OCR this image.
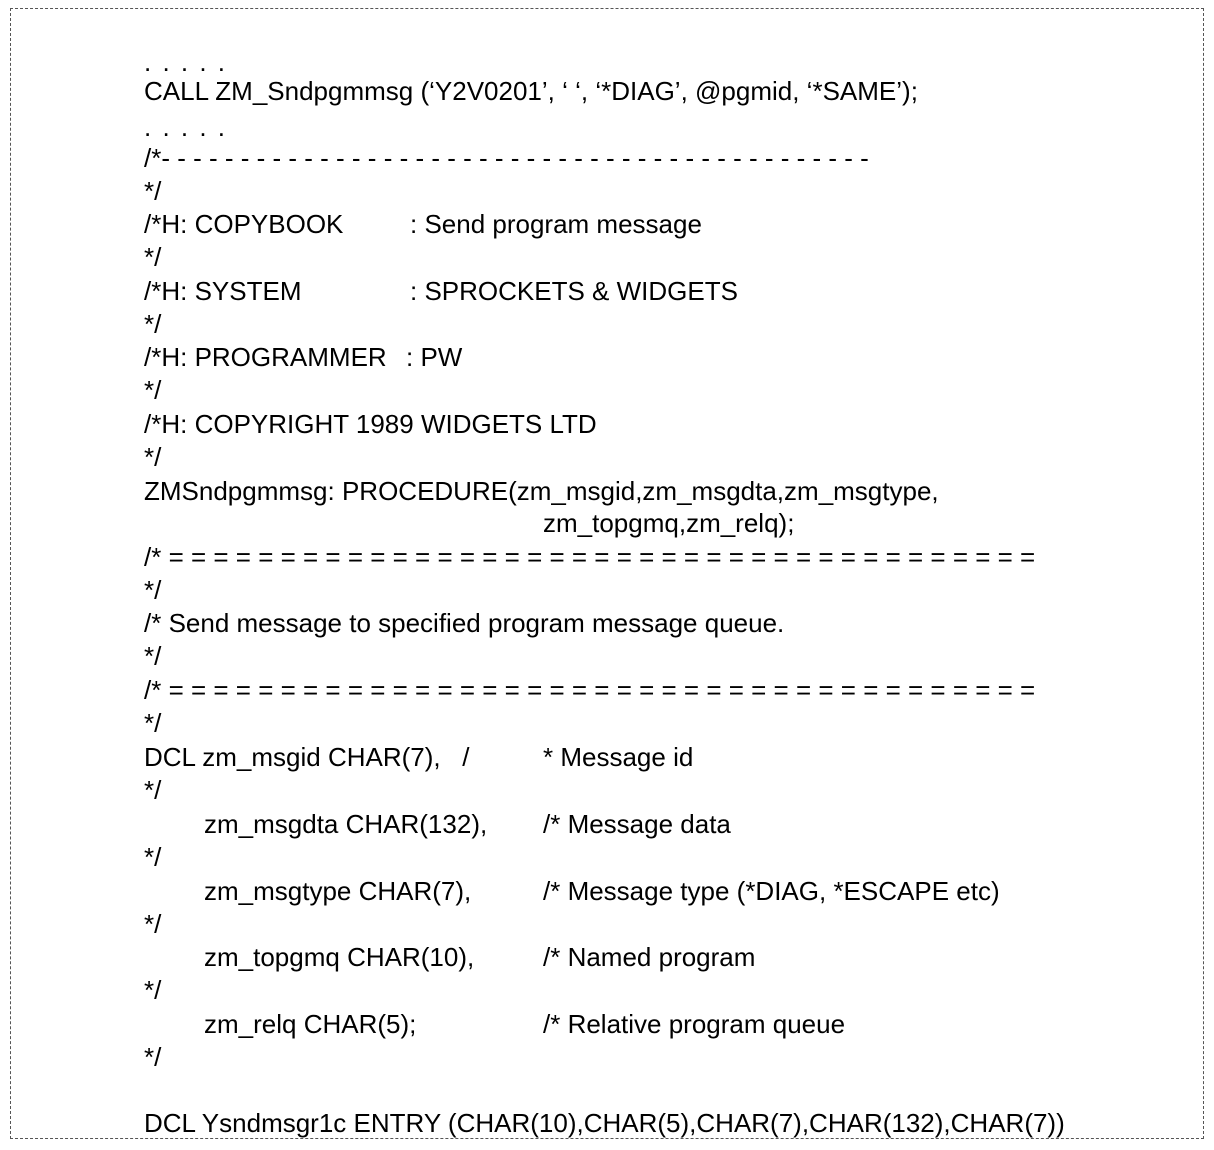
. . . . .
CALL ZM_Sndpgmmsg (‘Y2V0201’, ‘ ‘, ‘*DIAG’, @pgmid, ‘*SAME’);
. . . . .
/*- - - - - - - - - - - - - - - - - - - - - - - - - - - - - - - - - - - - - - - - - - - - -
*/

/*H: COPYBOOK

	: Send program message

*/

/*H: SYSTEM

	: SPROCKETS & WIDGETS

*/

/*H: PROGRAMMER

: PW

*/
/*H: COPYRIGHT 1989 WIDGETS LTD
*/
ZMSndpgmmsg: PROCEDURE(zm_msgid,zm_msgdta,zm_msgtype,
zm_topgmq,zm_relq);
/* = = = = = = = = = = = = = = = = = = = = = = = = = = = = = = = = = = = = = = =
*/
/* Send message to specified program message queue.
*/
/* = = = = = = = = = = = = = = = = = = = = = = = = = = = = = = = = = = = = = = =
*/

DCL zm_msgid CHAR(7),   /

	* Message id

*/

zm_msgdta CHAR(132),

/* Message data

*/

zm_msgtype CHAR(7),

	/* Message type (*DIAG, *ESCAPE etc)

*/

zm_topgmq CHAR(10),

	/* Named program

*/

zm_relq CHAR(5);

	/* Relative program queue

*/
DCL Ysndmsgr1c ENTRY (CHAR(10),CHAR(5),CHAR(7),CHAR(132),CHAR(7))
